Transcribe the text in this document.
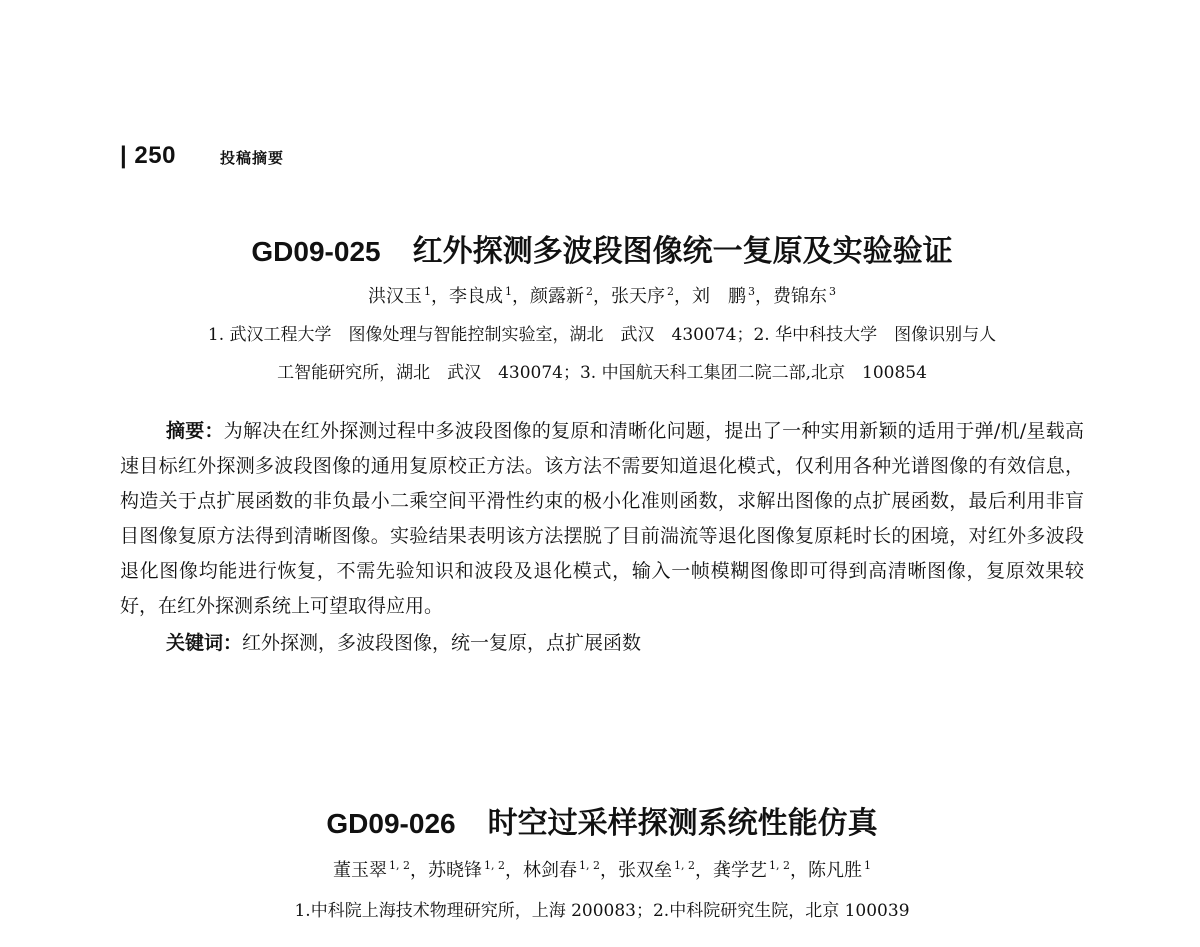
| 250	投稿摘要
GD09-025 红外探测多波段图像统一复原及实验验证
洪汉玉 $^1$，李良成 $^1$，颜露新 $^2$，张天序 $^2$，刘　鹏 $^3$，费锦东 $^3$
1. 武汉工程大学　图像处理与智能控制实验室，湖北　武汉　430074；2. 华中科技大学　图像识别与人
工智能研究所，湖北　武汉　430074；3. 中国航天科工集团二院二部,北京　100854
摘要：为解决在红外探测过程中多波段图像的复原和清晰化问题，提出了一种实用新颖的适用于弹/机/星载高速目标红外探测多波段图像的通用复原校正方法。该方法不需要知道退化模式，仅利用各种光谱图像的有效信息，构造关于点扩展函数的非负最小二乘空间平滑性约束的极小化准则函数，求解出图像的点扩展函数，最后利用非盲目图像复原方法得到清晰图像。实验结果表明该方法摆脱了目前湍流等退化图像复原耗时长的困境，对红外多波段退化图像均能进行恢复，不需先验知识和波段及退化模式，输入一帧模糊图像即可得到高清晰图像，复原效果较好，在红外探测系统上可望取得应用。
关键词：红外探测，多波段图像，统一复原，点扩展函数
GD09-026 时空过采样探测系统性能仿真
董玉翠 $^{1, 2}$，苏晓锋 $^{1, 2}$，林剑春 $^{1, 2}$，张双垒 $^{1, 2}$，龚学艺 $^{1, 2}$，陈凡胜 $^1$
1.中科院上海技术物理研究所，上海 200083；2.中科院研究生院，北京 100039
